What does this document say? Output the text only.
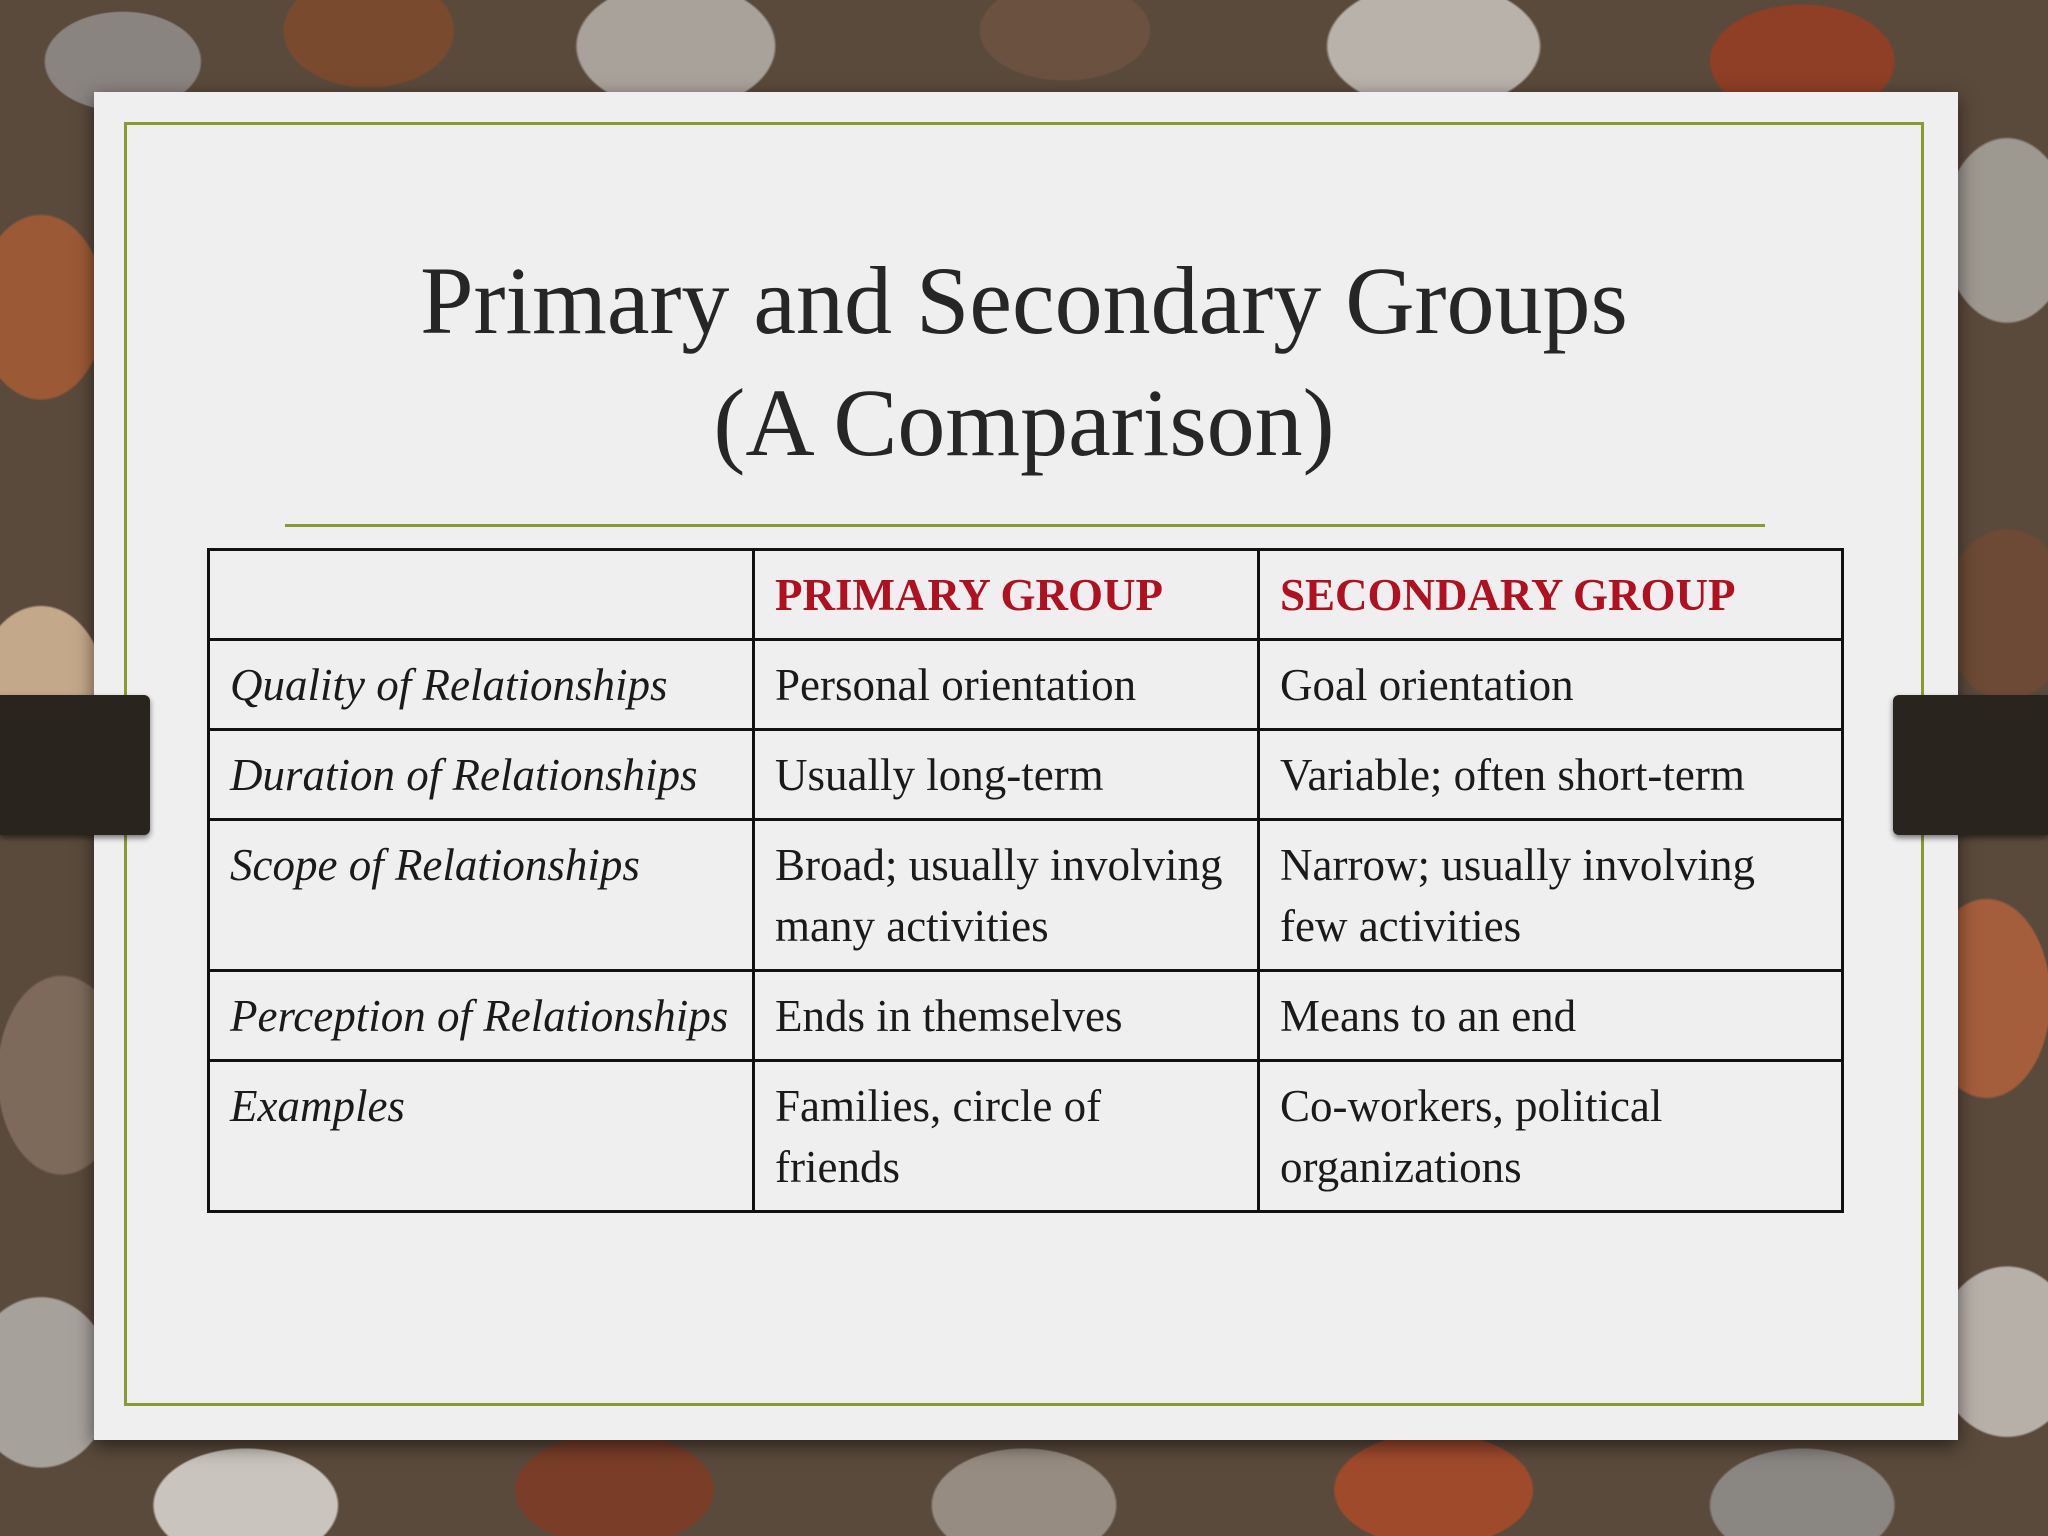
Primary and Secondary Groups
(A Comparison)
	PRIMARY GROUP	SECONDARY GROUP
Quality of Relationships	Personal orientation	Goal orientation
Duration of Relationships	Usually long-term	Variable; often short-term
Scope of Relationships	Broad; usually involving many activities	Narrow; usually involving few activities
Perception of Relationships	Ends in themselves	Means to an end
Examples	Families, circle of friends	Co-workers, political organizations
